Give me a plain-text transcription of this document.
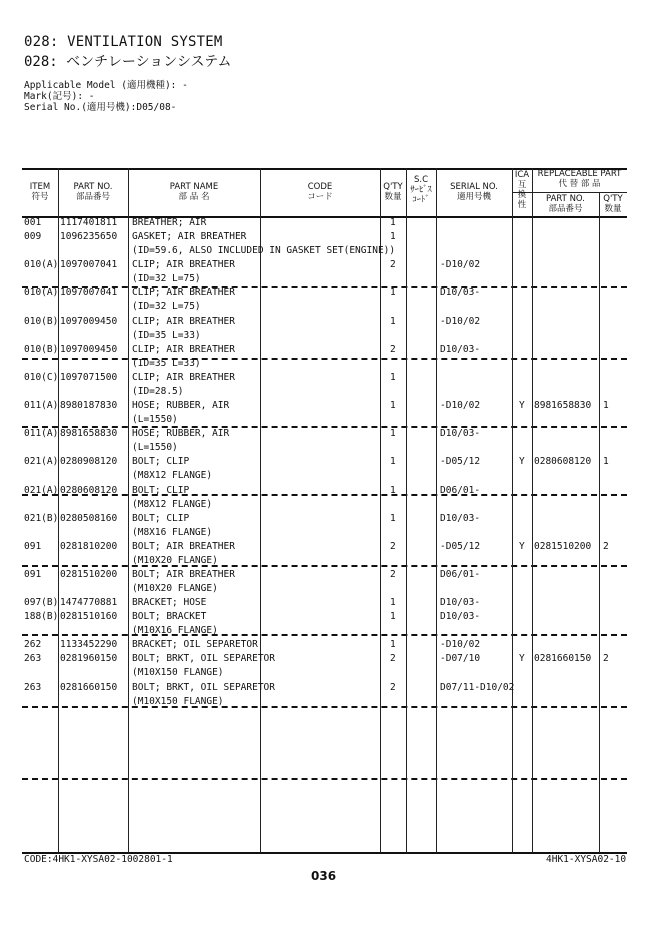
028: VENTILATION SYSTEM
028: ベンチレーションシステム
Applicable Model (適用機種): -
Mark(記号): -
Serial No.(適用号機):D05/08-
ITEM
符号
PART NO.
部品番号
PART NAME
部 品 名
CODE
コード
Q'TY
数量
S.C
ｻｰﾋﾞｽ
ｺｰﾄﾞ
SERIAL NO.
適用号機
ICA
互
換
性
REPLACEABLE PART
代 替 部 品
PART NO.
部品番号
Q'TY
数量
001 1117401811 BREATHER; AIR	1
009 1096235650 GASKET; AIR BREATHER	1
(ID=59.6, ALSO INCLUDED IN GASKET SET(ENGINE))
010(A) 1097007041 CLIP; AIR BREATHER	2	-D10/02
(ID=32 L=75)
010(A) 1097007041 CLIP; AIR BREATHER	1	D10/03-
(ID=32 L=75)
010(B) 1097009450 CLIP; AIR BREATHER	1	-D10/02
(ID=35 L=33)
010(B) 1097009450 CLIP; AIR BREATHER	2	D10/03-
(ID=35 L=33)
010(C) 1097071500 CLIP; AIR BREATHER	1
(ID=28.5)
011(A) 8980187830 HOSE; RUBBER, AIR	1	-D10/02	Y 8981658830 1
(L=1550)
011(A) 8981658830 HOSE; RUBBER, AIR	1	D10/03-
(L=1550)
021(A) 0280908120 BOLT; CLIP	1	-D05/12	Y 0280608120 1
(M8X12 FLANGE)
021(A) 0280608120 BOLT; CLIP	1	D06/01-
(M8X12 FLANGE)
021(B) 0280508160 BOLT; CLIP	1	D10/03-
(M8X16 FLANGE)
091 0281810200 BOLT; AIR BREATHER	2	-D05/12	Y 0281510200 2
(M10X20 FLANGE)
091 0281510200 BOLT; AIR BREATHER	2	D06/01-
(M10X20 FLANGE)
097(B) 1474770881 BRACKET; HOSE	1	D10/03-
188(B) 0281510160 BOLT; BRACKET	1	D10/03-
(M10X16 FLANGE)
262 1133452290 BRACKET; OIL SEPARETOR	1	-D10/02
263 0281960150 BOLT; BRKT, OIL SEPARETOR	2	-D07/10	Y 0281660150 2
(M10X150 FLANGE)
263 0281660150 BOLT; BRKT, OIL SEPARETOR	2	D07/11-D10/02
(M10X150 FLANGE)
CODE:4HK1-XYSA02-1002801-1	4HK1-XYSA02-10
036
